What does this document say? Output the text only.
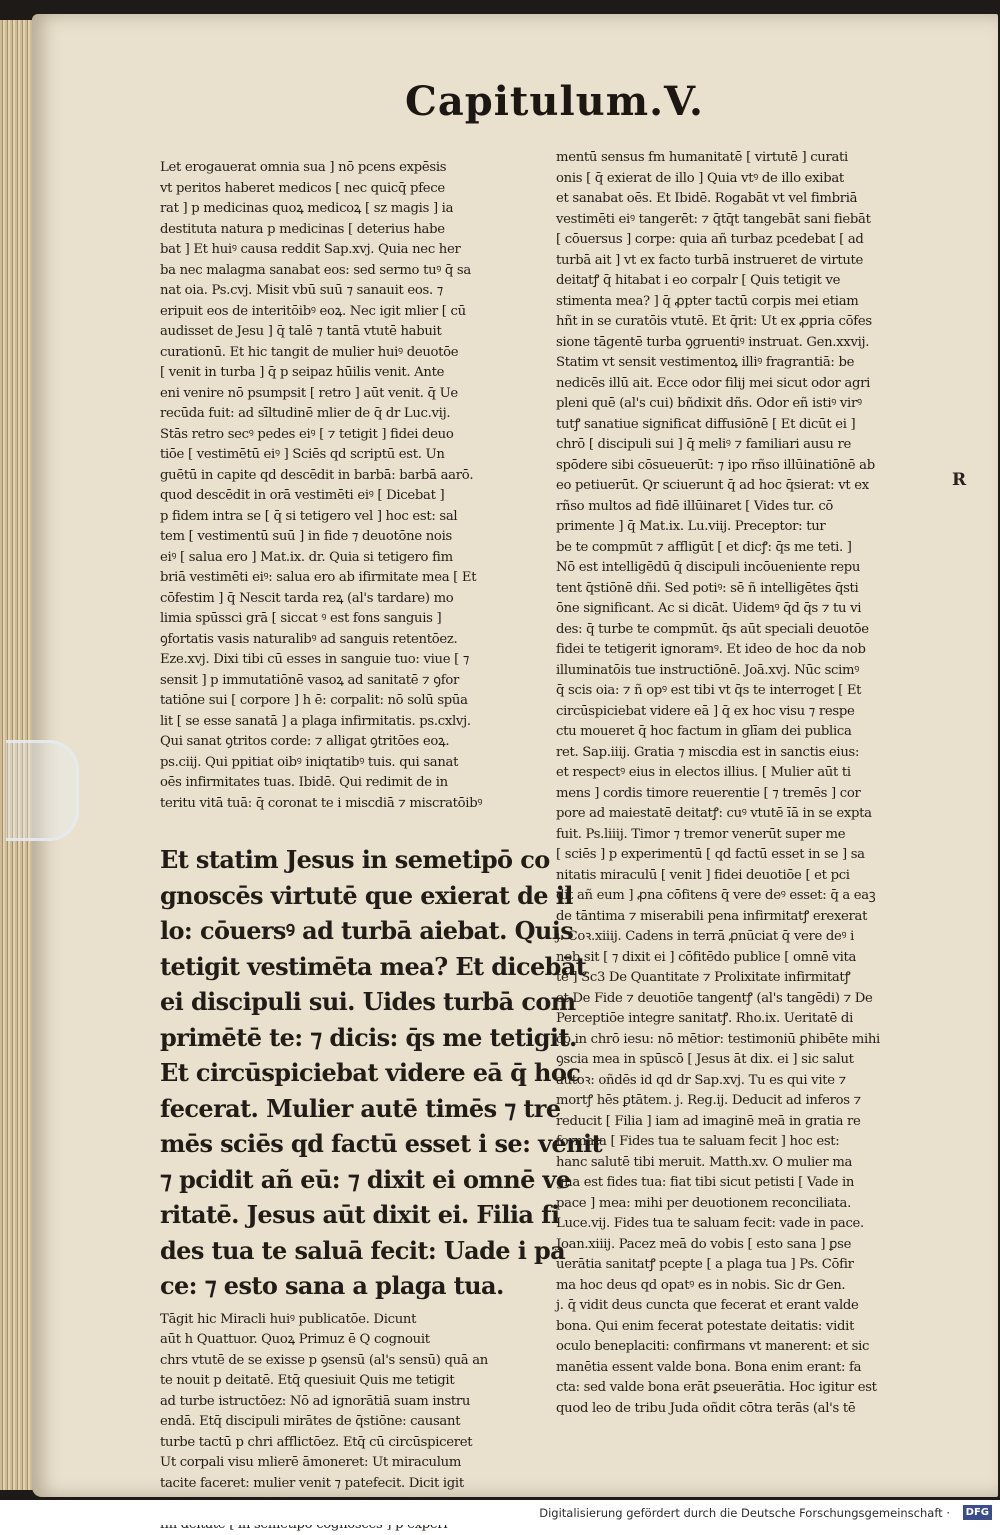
Capitulum.V.
Let erogauerat omnia sua ] nō pcens expēsis
vt peritos haberet medicos [ nec quicq̄ pfece
rat ] p medicinas quoꝝ medicoꝝ [ sz magis ] ia
destituta natura p medicinas [ deterius habe
bat ] Et huiꝰ causa reddit Sap.xvj. Quia nec her
ba nec malagma sanabat eos: sed sermo tuꝰ q̄ sa
nat oia. Ps.cvj. Misit vbū suū ⁊ sanauit eos. ⁊
eripuit eos de interitōibꝰ eoꝝ. Nec igit mlier [ cū
audisset de Jesu ] q̄ talē ⁊ tantā vtutē habuit
curationū. Et hic tangit de mulier huiꝰ deuotōe
[ venit in turba ] q̄ p seipaz hūilis venit. Ante
eni venire nō psumpsit [ retro ] aūt venit. q̄ Ue
recūda fuit: ad sīltudinē mlier de q̄ dr Luc.vij.
Stās retro secꝰ pedes eiꝰ [ ⁊ tetigit ] fidei deuo
tiōe [ vestimētū eiꝰ ] Sciēs qd scriptū est. Un
guētū in capite qd descēdit in barbā: barbā aarō.
quod descēdit in orā vestimēti eiꝰ [ Dicebat ]
p fidem intra se [ q̄ si tetigero vel ] hoc est: sal
tem [ vestimentū suū ] in fide ⁊ deuotōne nois
eiꝰ [ salua ero ] Mat.ix. dr. Quia si tetigero fim
briā vestimēti eiꝰ: salua ero ab ifirmitate mea [ Et
cōfestim ] q̄ Nescit tarda reꝝ (al's tardare) mo
limia spūssci grā [ siccat ꝰ est fons sanguis ]
ꝯfortatis vasis naturalibꝰ ad sanguis retentōez.
Eze.xvj. Dixi tibi cū esses in sanguie tuo: viue [ ⁊
sensit ] p immutatiōnē vasoꝝ ad sanitatē ⁊ ꝯfor
tatiōne sui [ corpore ] h ē: corpalit: nō solū spūa
lit [ se esse sanatā ] a plaga infirmitatis. ps.cxlvj.
Qui sanat ꝯtritos corde: ⁊ alligat ꝯtritōes eoꝝ.
ps.ciij. Qui ppitiat oibꝰ iniqtatibꝰ tuis. qui sanat
oēs infirmitates tuas. Ibidē. Qui redimit de in
teritu vitā tuā: q̄ coronat te i miscdiā ⁊ miscratōibꝰ
Et statim Jesus in semetipō co
gnoscēs virtutē que exierat de il
lo: cōuersꝰ ad turbā aiebat. Quis
tetigit vestimēta mea? Et dicebāt
ei discipuli sui. Uides turbā com
primētē te: ⁊ dicis: q̄s me tetigit.
Et circūspiciebat videre eā q̄ hoc
fecerat. Mulier autē timēs ⁊ tre
mēs sciēs qd factū esset i se: venit
⁊ pcidit añ eū: ⁊ dixit ei omnē ve
ritatē. Jesus aūt dixit ei. Filia fi
des tua te saluā fecit: Uade i pa
ce: ⁊ esto sana a plaga tua.
Tāgit hic Miracli huiꝰ publicatōe. Dicunt
aūt h Quattuor. Quoꝝ Primuz ē Q cognouit
chrs vtutē de se exisse p ꝯsensū (al's sensū) quā an
te nouit p deitatē. Etq̄ quesiuit Quis me tetigit
ad turbe istructōez: Nō ad ignorātiā suam instru
endā. Etq̄ discipuli mirātes de q̄stiōne: causant
turbe tactū p chri afflictōez. Etq̄ cū circūspiceret
Ut corpali visu mlierē āmoneret: Ut miraculum
tacite faceret: mulier venit ⁊ patefecit. Dicit igit
mentū sensus fm humanitatē [ virtutē ] curati
onis [ q̄ exierat de illo ] Quia vtꝰ de illo exibat
et sanabat oēs. Et Ibidē. Rogabāt vt vel fimbriā
vestimēti eiꝰ tangerēt: ⁊ q̄tq̄t tangebāt sani fiebāt
[ cōuersus ] corpe: quia añ turbaz pcedebat [ ad
turbā ait ] vt ex facto turbā instrueret de virtute
deitatꝭ q̄ hitabat i eo corpalr [ Quis tetigit ve
stimenta mea? ] q̄ ꝓpter tactū corpis mei etiam
hñt in se curatōis vtutē. Et q̄rit: Ut ex ꝓpria cōfes
sione tāgentē turba ꝯgruentiꝰ instruat. Gen.xxvij.
Statim vt sensit vestimentoꝝ illiꝰ fragrantiā: be
nedicēs illū ait. Ecce odor filij mei sicut odor agri
pleni quē (al's cui) bñdixit dñs. Odor eñ istiꝰ virꝰ
tutꝭ sanatiue significat diffusiōnē [ Et dicūt ei ]
chrō [ discipuli sui ] q̄ meliꝰ ⁊ familiari ausu re
spōdere sibi cōsueuerūt: ⁊ ipo rñso illūinatiōnē ab
eo petiuerūt. Qr sciuerunt q̄ ad hoc q̄sierat: vt ex
rñso multos ad fidē illūinaret [ Vides tur. cō
primente ] q̄ Mat.ix. Lu.viij. Preceptor: tur
be te compmūt ⁊ affligūt [ et dicꝭ: q̄s me teti. ]
Nō est intelligēdū q̄ discipuli incōueniente repu
tent q̄stiōnē dñi. Sed potiꝰ: sē ñ intelligētes q̄sti
ōne significant. Ac si dicāt. Uidemꝰ q̄d q̄s ⁊ tu vi
des: q̄ turbe te compmūt. q̄s aūt speciali deuotōe
fidei te tetigerit ignoramꝰ. Et ideo de hoc da nob
illuminatōis tue instructiōnē. Joā.xvj. Nūc scimꝰ
q̄ scis oia: ⁊ ñ opꝰ est tibi vt q̄s te interroget [ Et
circūspiciebat videre eā ] q̄ ex hoc visu ⁊ respe
ctu moueret q̄ hoc factum in glīam dei publica
ret. Sap.iiij. Gratia ⁊ miscdia est in sanctis eius:
et respectꝰ eius in electos illius. [ Mulier aūt ti
mens ] cordis timore reuerentie [ ⁊ tremēs ] cor
pore ad maiestatē deitatꝭ: cuꝰ vtutē īā in se expta
fuit. Ps.liiij. Timor ⁊ tremor venerūt super me
[ sciēs ] p experimentū [ qd factū esset in se ] sa
nitatis miraculū [ venit ] fidei deuotiōe [ et pci
dit añ eum ] ꝓna cōfitens q̄ vere deꝰ esset: q̄ a eaꝫ
de tāntima ⁊ miserabili pena infirmitatꝭ erexerat
j. Coꝛ.xiiij. Cadens in terrā ꝓnūciat q̄ vere deꝰ i
nob sit [ ⁊ dixit ei ] cōfitēdo publice [ omnē vita
tē ] Sc3 De Quantitate ⁊ Prolixitate infirmitatꝭ
et De Fide ⁊ deuotiōe tangentꝭ (al's tangēdi) ⁊ De
Perceptiōe integre sanitatꝭ. Rho.ix. Ueritatē di
co in chrō iesu: nō mētior: testimoniū ꝑhibēte mihi
ꝯscia mea in spūscō [ Jesus āt dix. ei ] sic salut
autoꝛ: oñdēs id qd dr Sap.xvj. Tu es qui vite ⁊
mortꝭ hēs ꝑtātem. j. Reg.ij. Deducit ad inferos ⁊
reducit [ Filia ] iam ad imaginē meā in gratia re
formata [ Fides tua te saluam fecit ] hoc est:
hanc salutē tibi meruit. Matth.xv. O mulier ma
gna est fides tua: fiat tibi sicut petisti [ Vade in
pace ] mea: mihi per deuotionem reconciliata.
Luce.vij. Fides tua te saluam fecit: vade in pace.
Joan.xiiij. Pacez meā do vobis [ esto sana ] ꝑse
uerātia sanitatꝭ pcepte [ a plaga tua ] Ps. Cōfir
ma hoc deus qd opatꝰ es in nobis. Sic dr Gen.
j. q̄ vidit deus cuncta que fecerat et erant valde
bona. Qui enim fecerat potestate deitatis: vidit
oculo beneplaciti: confirmans vt manerent: et sic
manētia essent valde bona. Bona enim erant: fa
cta: sed valde bona erāt ꝑseuerātia. Hoc igitur est
quod leo de tribu Juda oñdit cōtra terās (al's tē
R
Digitalisierung gefördert durch die Deutsche Forschungsgemeinschaft ·	DFG
